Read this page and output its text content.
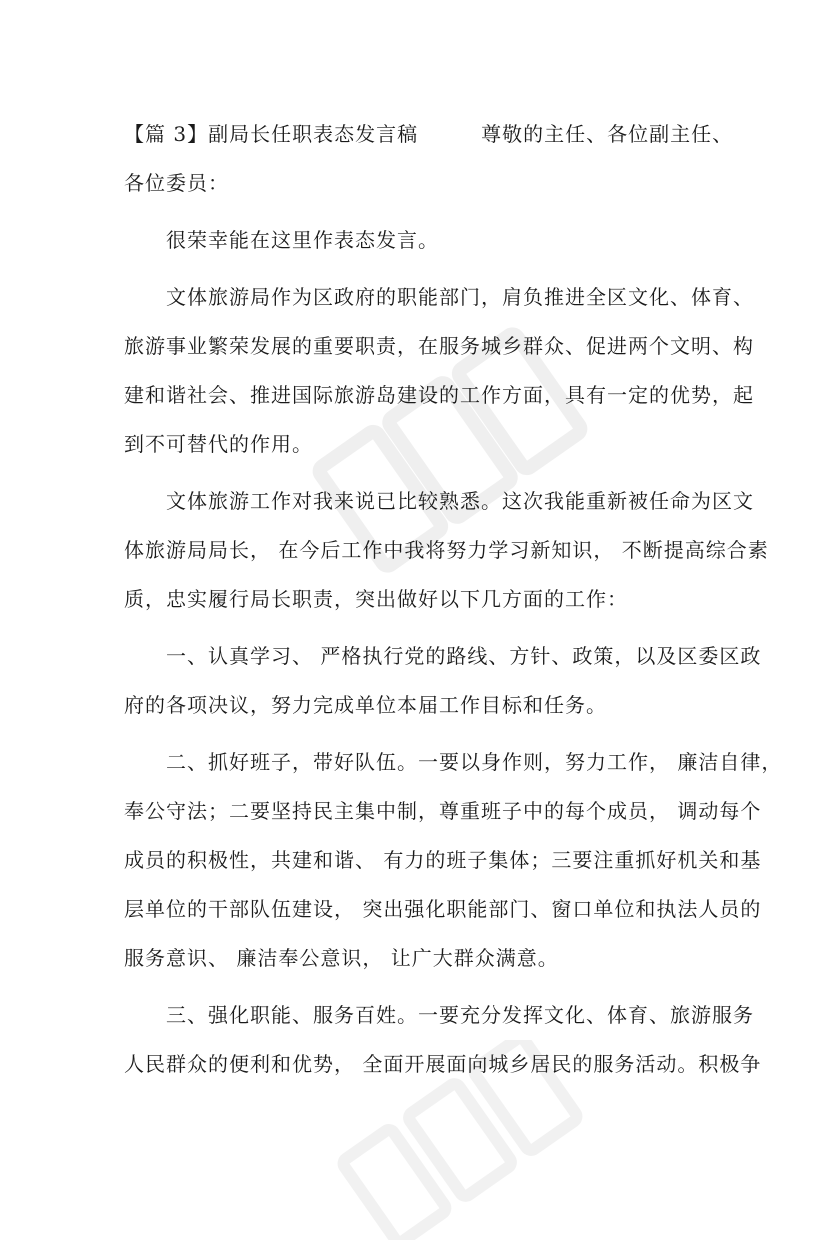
【篇 3】副局长任职表态发言稿　　　尊敬的主任、各位副主任、
各位委员：
很荣幸能在这里作表态发言。
文体旅游局作为区政府的职能部门，肩负推进全区文化、体育、
旅游事业繁荣发展的重要职责，在服务城乡群众、促进两个文明、构
建和谐社会、推进国际旅游岛建设的工作方面，具有一定的优势，起
到不可替代的作用。
文体旅游工作对我来说已比较熟悉。这次我能重新被任命为区文
体旅游局局长， 在今后工作中我将努力学习新知识， 不断提高综合素
质，忠实履行局长职责，突出做好以下几方面的工作：
一、认真学习、 严格执行党的路线、方针、政策，以及区委区政
府的各项决议，努力完成单位本届工作目标和任务。
二、抓好班子，带好队伍。一要以身作则，努力工作， 廉洁自律，
奉公守法；二要坚持民主集中制，尊重班子中的每个成员， 调动每个
成员的积极性，共建和谐、 有力的班子集体；三要注重抓好机关和基
层单位的干部队伍建设， 突出强化职能部门、窗口单位和执法人员的
服务意识、 廉洁奉公意识， 让广大群众满意。
三、强化职能、服务百姓。一要充分发挥文化、体育、旅游服务
人民群众的便利和优势， 全面开展面向城乡居民的服务活动。积极争
